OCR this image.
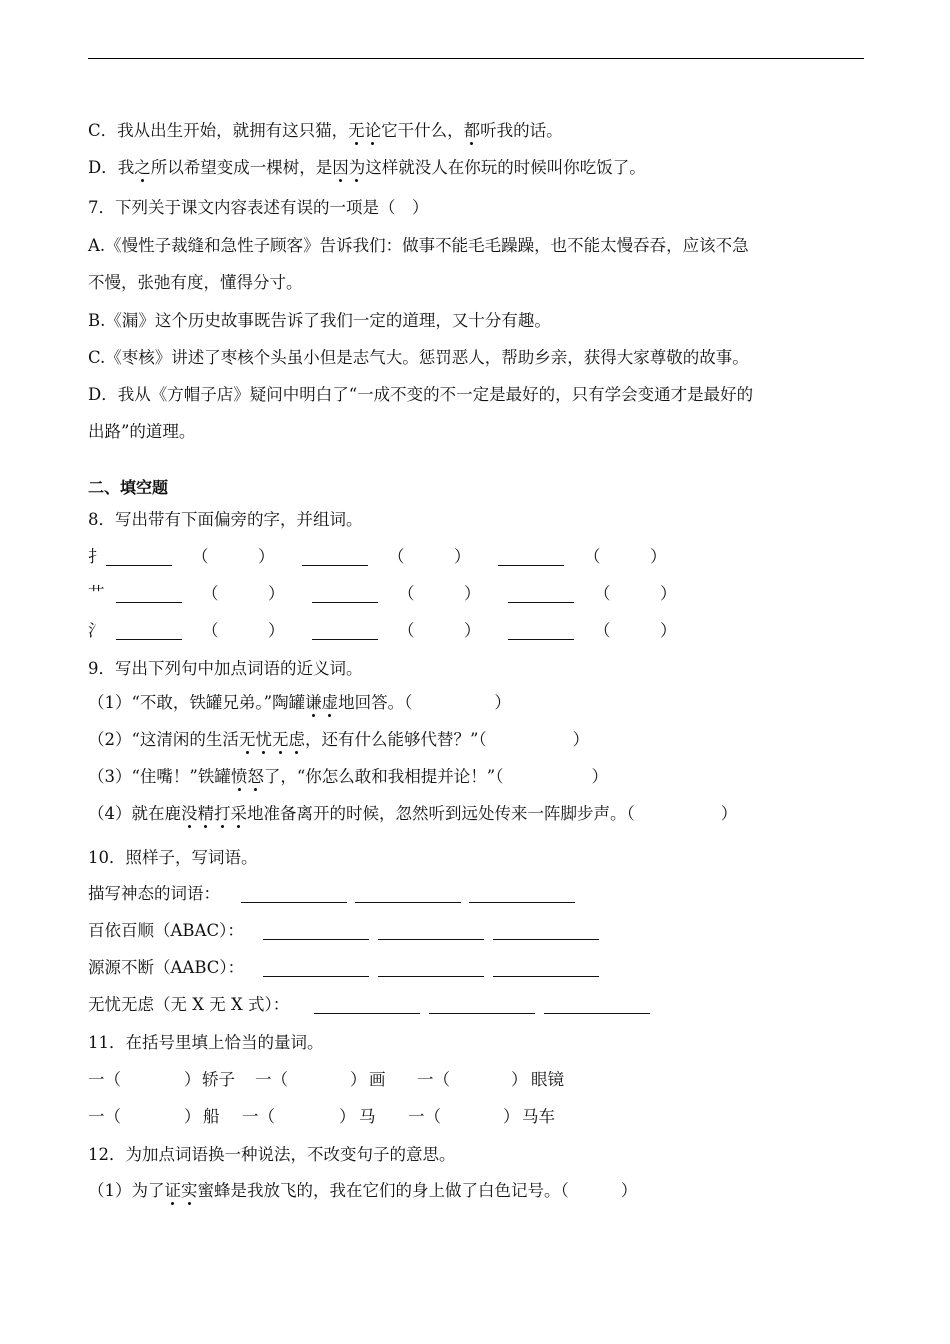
C．我从出生开始，就拥有这只猫，无论它干什么，都听我的话。
D．我之所以希望变成一棵树，是因为这样就没人在你玩的时候叫你吃饭了。
7．下列关于课文内容表述有误的一项是（　）
A.《慢性子裁缝和急性子顾客》告诉我们：做事不能毛毛躁躁，也不能太慢吞吞，应该不急
不慢，张弛有度，懂得分寸。
B.《漏》这个历史故事既告诉了我们一定的道理，又十分有趣。
C.《枣核》讲述了枣核个头虽小但是志气大。惩罚恶人，帮助乡亲，获得大家尊敬的故事。
D．我从《方帽子店》疑问中明白了“一成不变的不一定是最好的，只有学会变通才是最好的
出路”的道理。
二、填空题
8．写出带有下面偏旁的字，并组词。
扌	（	）	（	）	（	）
艹	（	）	（	）	（	）
氵	（	）	（	）	（	）
9．写出下列句中加点词语的近义词。
（1）“不敢，铁罐兄弟。”陶罐谦虚地回答。（	）
（2）“这清闲的生活无忧无虑，还有什么能够代替？”（	）
（3）“住嘴！”铁罐愤怒了，“你怎么敢和我相提并论！”（	）
（4）就在鹿没精打采地准备离开的时候，忽然听到远处传来一阵脚步声。（	）
10．照样子，写词语。
描写神态的词语：
百依百顺（ABAC）：
源源不断（AABC）：
无忧无虑（无 X 无 X 式）：
11．在括号里填上恰当的量词。
一（	） 轿子 一（	） 画 一（	） 眼镜
一（	） 船 一（	） 马 一（	） 马车
12．为加点词语换一种说法，不改变句子的意思。
（1）为了证实蜜蜂是我放飞的，我在它们的身上做了白色记号。（	）
